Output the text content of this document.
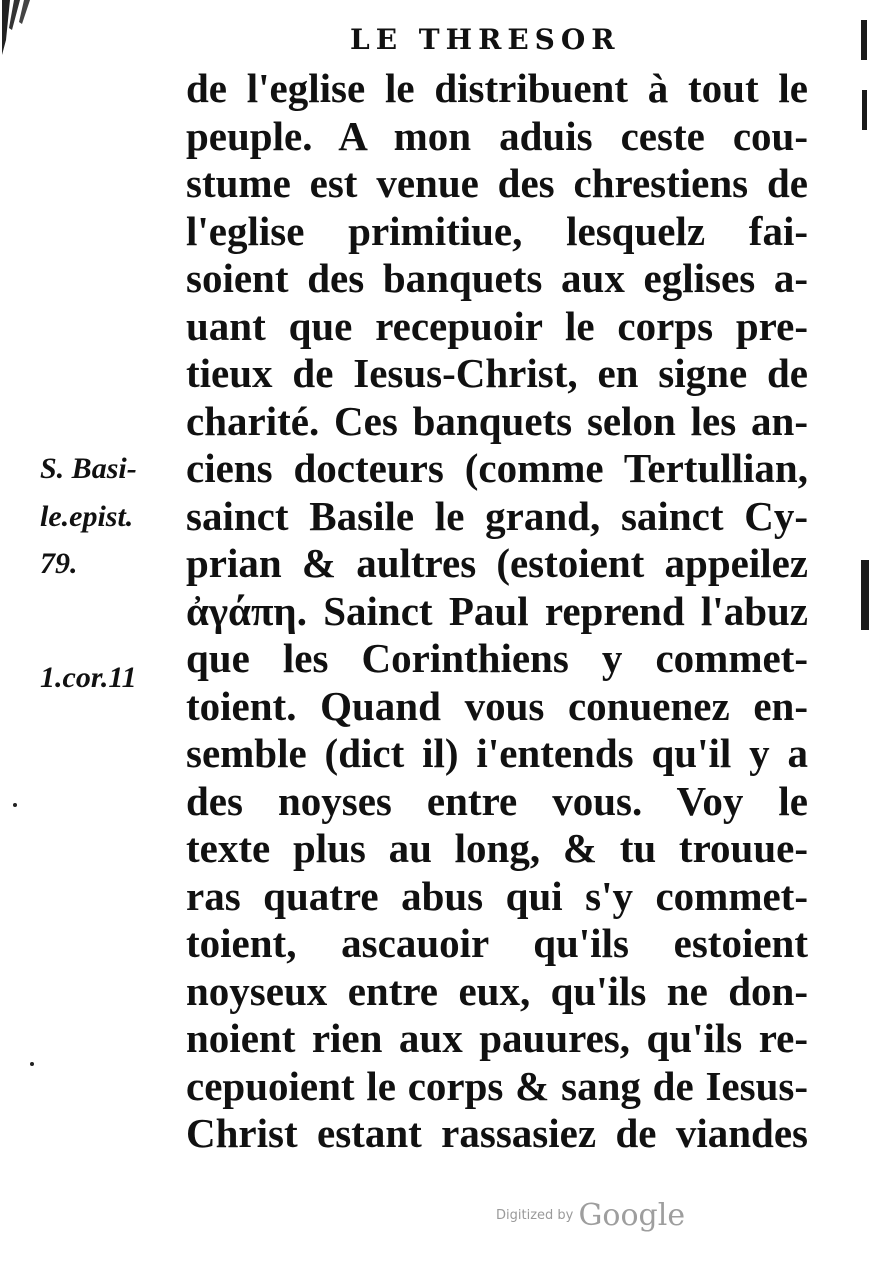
LE THRESOR
S. Basi-
le.epist.
79.
1.cor.11
de l'eglise le distribuent à tout le
peuple. A mon aduis ceste cou-
stume est venue des chrestiens de
l'eglise primitiue, lesquelz fai-
soient des banquets aux eglises a-
uant que recepuoir le corps pre-
tieux de Iesus-Christ, en signe de
charité. Ces banquets selon les an-
ciens docteurs (comme Tertullian,
sainct Basile le grand, sainct Cy-
prian & aultres (estoient appeilez
ἀγάπη. Sainct Paul reprend l'abuz
que les Corinthiens y commet-
toient. Quand vous conuenez en-
semble (dict il) i'entends qu'il y a
des noyses entre vous. Voy le
texte plus au long, & tu trouue-
ras quatre abus qui s'y commet-
toient, ascauoir qu'ils estoient
noyseux entre eux, qu'ils ne don-
noient rien aux pauures, qu'ils re-
cepuoient le corps & sang de Iesus-
Christ estant rassasiez de viandes
Digitized by Google
